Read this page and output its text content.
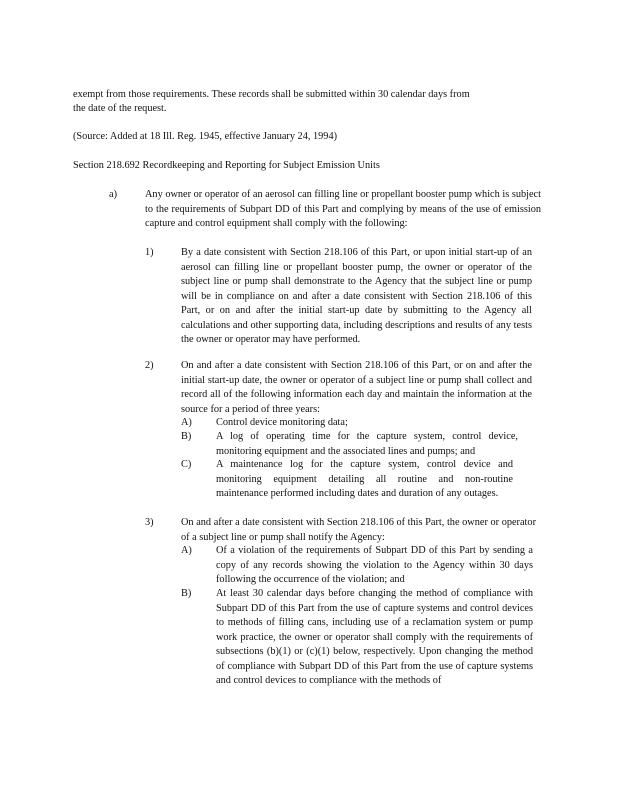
exempt from those requirements. These records shall be submitted within 30 calendar days from

the date of the request.

(Source: Added at 18 Ill. Reg. 1945, effective January 24, 1994)

Section 218.692 Recordkeeping and Reporting for Subject Emission Units

a)	Any owner or operator of an aerosol can filling line or propellant booster pump which is subject to the requirements of Subpart DD of this Part and complying by means of the use of emission capture and control equipment shall comply with the following:

1)	By a date consistent with Section 218.106 of this Part, or upon initial start-up of an aerosol can filling line or propellant booster pump, the owner or operator of the subject line or pump shall demonstrate to the Agency that the subject line or pump will be in compliance on and after a date consistent with Section 218.106 of this Part, or on and after the initial start-up date by submitting to the Agency all calculations and other supporting data, including descriptions and results of any tests the owner or operator may have performed.

2)	On and after a date consistent with Section 218.106 of this Part, or on and after the initial start-up date, the owner or operator of a subject line or pump shall collect and record all of the following information each day and maintain the information at the source for a period of three years:

A) Control device monitoring data;

B) A log of operating time for the capture system, control device, monitoring equipment and the associated lines and pumps; and

C) A maintenance log for the capture system, control device and monitoring equipment detailing all routine and non-routine maintenance performed including dates and duration of any outages.

3)	On and after a date consistent with Section 218.106 of this Part, the owner or operator of a subject line or pump shall notify the Agency:

A) Of a violation of the requirements of Subpart DD of this Part by sending a copy of any records showing the violation to the Agency within 30 days following the occurrence of the violation; and

B) At least 30 calendar days before changing the method of compliance with Subpart DD of this Part from the use of capture systems and control devices to methods of filling cans, including use of a reclamation system or pump work practice, the owner or operator shall comply with the requirements of subsections (b)(1) or (c)(1) below, respectively. Upon changing the method of compliance with Subpart DD of this Part from the use of capture systems and control devices to compliance with the methods of
